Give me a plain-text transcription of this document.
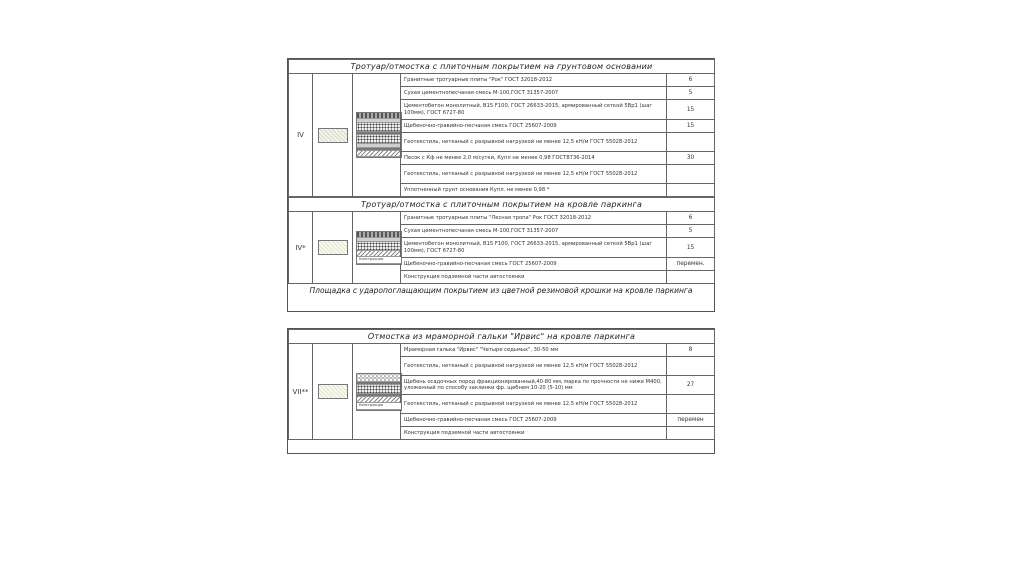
Тротуар/отмостка с плиточным покрытием на грунтовом основании				
IV			Гранитные тротуарные плиты "Рок" ГОСТ 32018-2012	6
			Сухая цементнопесчаная смесь М-100,ГОСТ 31357-2007	5
			Цементобетон монолитный, B15 F100, ГОСТ 26633-2015, армированный сеткой 5Вр1 (шаг 100мм), ГОСТ 6727-80	15
			Щебеночно-гравийно-песчаная смесь ГОСТ 25607-2009	15
			Геотекстиль, нетканый с разрывной нагрузкой не менее 12,5 кН/м ГОСТ 55028-2012	
			Песок с Кф не менее 2,0 м/сутки, Купл не менее 0,98 ГОСТ8736-2014	30
			Геотекстиль, нетканый с разрывной нагрузкой не менее 12,5 кН/м ГОСТ 55028-2012	
			Уплотненный грунт основания Купл. не менее 0,98 *	
Тротуар/отмостка с плиточным покрытием на кровле паркинга				
IV*		Конструкция	Гранитные тротуарные плиты "Лесная тропа" Рок ГОСТ 32018-2012	6
			Сухая цементнопесчаная смесь М-100,ГОСТ 31357-2007	5
			Цементобетон монолитный, B15 F100, ГОСТ 26633-2015, армированный сеткой 5Вр1 (шаг 100мм), ГОСТ 6727-80	15
			Щебеночно-гравийно-песчаная смесь ГОСТ 25607-2009	перемен.
			Конструкция подземной части автостоянки	
Площадка с ударопоглащающим покрытием из цветной резиновой крошки на кровле паркинга
Отмостка из мраморной гальки "Ирвис" на кровле паркинга				
VII**		Конструкция	Мраморная галька "Ирвис" "Четыре седьмых", 30-50 мм	8
			Геотекстиль, нетканый с разрывной нагрузкой не менее 12,5 кН/м ГОСТ 55028-2012	
			Щебень осадочных пород фракционированный,40-80 мм, марка по прочности не ниже М400, уложенный по способу заклинки фр. щебнем 10-20 (5-10) мм	27
			Геотекстиль, нетканый с разрывной нагрузкой не менее 12,5 кН/м ГОСТ 55028-2012	
			Щебеночно-гравийно-песчаная смесь ГОСТ 25607-2009	перемен
			Конструкция подземной части автостоянки	
